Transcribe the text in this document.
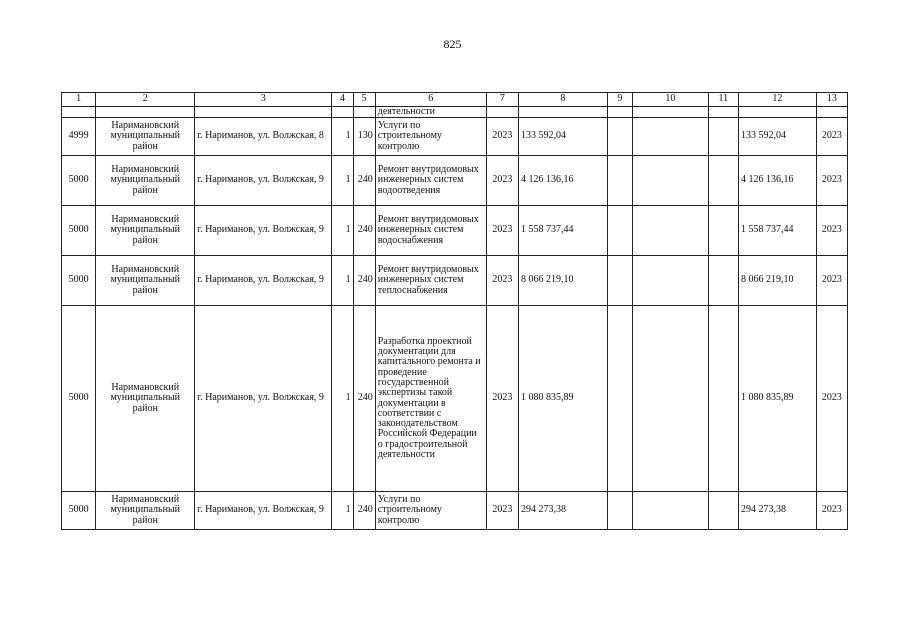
825
1	2	3	4	5	6	7	8	9	10	11	12	13
					деятельности							
4999	Наримановский муниципальный район	г. Нариманов, ул. Волжская, 8	1	130	Услуги по строительному контролю	2023	133 592,04				133 592,04	2023
5000	Наримановский муниципальный район	г. Нариманов, ул. Волжская, 9	1	240	Ремонт внутридомовых инженерных систем водоотведения	2023	4 126 136,16				4 126 136,16	2023
5000	Наримановский муниципальный район	г. Нариманов, ул. Волжская, 9	1	240	Ремонт внутридомовых инженерных систем водоснабжения	2023	1 558 737,44				1 558 737,44	2023
5000	Наримановский муниципальный район	г. Нариманов, ул. Волжская, 9	1	240	Ремонт внутридомовых инженерных систем теплоснабжения	2023	8 066 219,10				8 066 219,10	2023
5000	Наримановский муниципальный район	г. Нариманов, ул. Волжская, 9	1	240	Разработка проектной документации для капитального ремонта и проведение государственной экспертизы такой документации в соответствии с законодательством Российской Федерации о градостроительной деятельности	2023	1 080 835,89				1 080 835,89	2023
5000	Наримановский муниципальный район	г. Нариманов, ул. Волжская, 9	1	240	Услуги по строительному контролю	2023	294 273,38				294 273,38	2023
